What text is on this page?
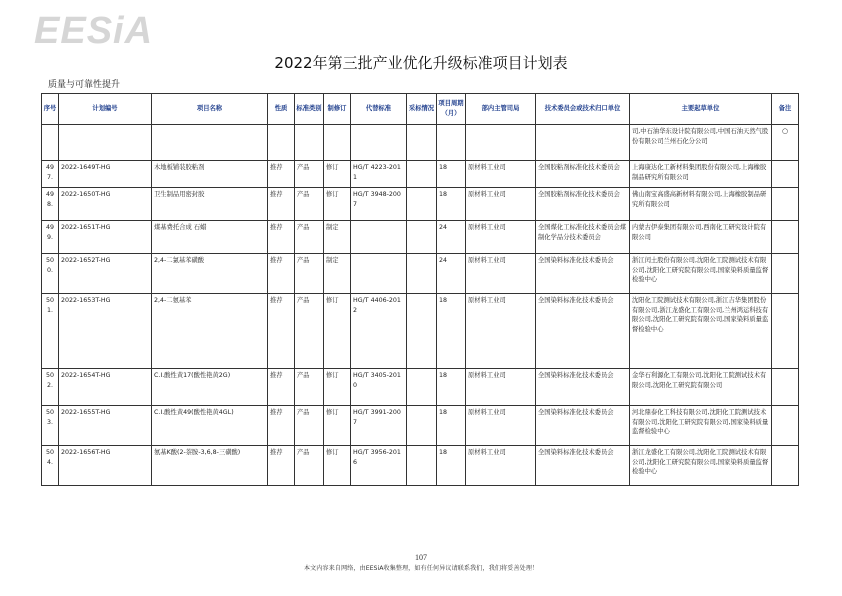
EESiA
2022年第三批产业优化升级标准项目计划表
质量与可靠性提升
序号	计划编号	项目名称	性质	标准类别	制修订	代替标准	采标情况	项目周期（月）	部内主管司局	技术委员会或技术归口单位	主要起草单位	备注
											司,中石油华东设计院有限公司,中国石油天然气股份有限公司兰州石化分公司	○
497.	2022-1649T-HG	木地板铺装胶粘剂	推荐	产品	修订	HG/T 4223-2011		18	原材料工业司	全国胶粘剂标准化技术委员会	上海康达化工新材料集团股份有限公司,上海橡胶制品研究所有限公司	
498.	2022-1650T-HG	卫生制品用密封胶	推荐	产品	修订	HG/T 3948-2007		18	原材料工业司	全国胶粘剂标准化技术委员会	佛山南宝高盛高新材料有限公司,上海橡胶制品研究所有限公司	
499.	2022-1651T-HG	煤基费托合成 石蜡	推荐	产品	制定			24	原材料工业司	全国煤化工标准化技术委员会煤制化学品分技术委员会	内蒙古伊泰集团有限公司,西南化工研究设计院有限公司	
500.	2022-1652T-HG	2,4-二氯基苯磺酸	推荐	产品	制定			24	原材料工业司	全国染料标准化技术委员会	浙江闰土股份有限公司,沈阳化工院测试技术有限公司,沈阳化工研究院有限公司,国家染料质量监督检验中心	
501.	2022-1653T-HG	2,4-二氨基苯	推荐	产品	修订	HG/T 4406-2012		18	原材料工业司	全国染料标准化技术委员会	沈阳化工院测试技术有限公司,浙江吉华集团股份有限公司,浙江龙盛化工有限公司,兰州鸿运科技有限公司,沈阳化工研究院有限公司,国家染料质量监督检验中心	
502.	2022-1654T-HG	C.I.酸性黄17(酸性艳黄2G)	推荐	产品	修订	HG/T 3405-2010		18	原材料工业司	全国染料标准化技术委员会	金华石利源化工有限公司,沈阳化工院测试技术有限公司,沈阳化工研究院有限公司	
503.	2022-1655T-HG	C.I.酸性黄49(酸性艳黄4GL)	推荐	产品	修订	HG/T 3991-2007		18	原材料工业司	全国染料标准化技术委员会	河北鼎泰化工科技有限公司,沈阳化工院测试技术有限公司,沈阳化工研究院有限公司,国家染料质量监督检验中心	
504.	2022-1656T-HG	氨基K酸(2-萘胺-3,6,8-三磺酸)	推荐	产品	修订	HG/T 3956-2016		18	原材料工业司	全国染料标准化技术委员会	浙江龙盛化工有限公司,沈阳化工院测试技术有限公司,沈阳化工研究院有限公司,国家染料质量监督检验中心	
107
本文内容来自网络，由EESiA收集整理，如有任何异议请联系我们，我们将妥善处理！
